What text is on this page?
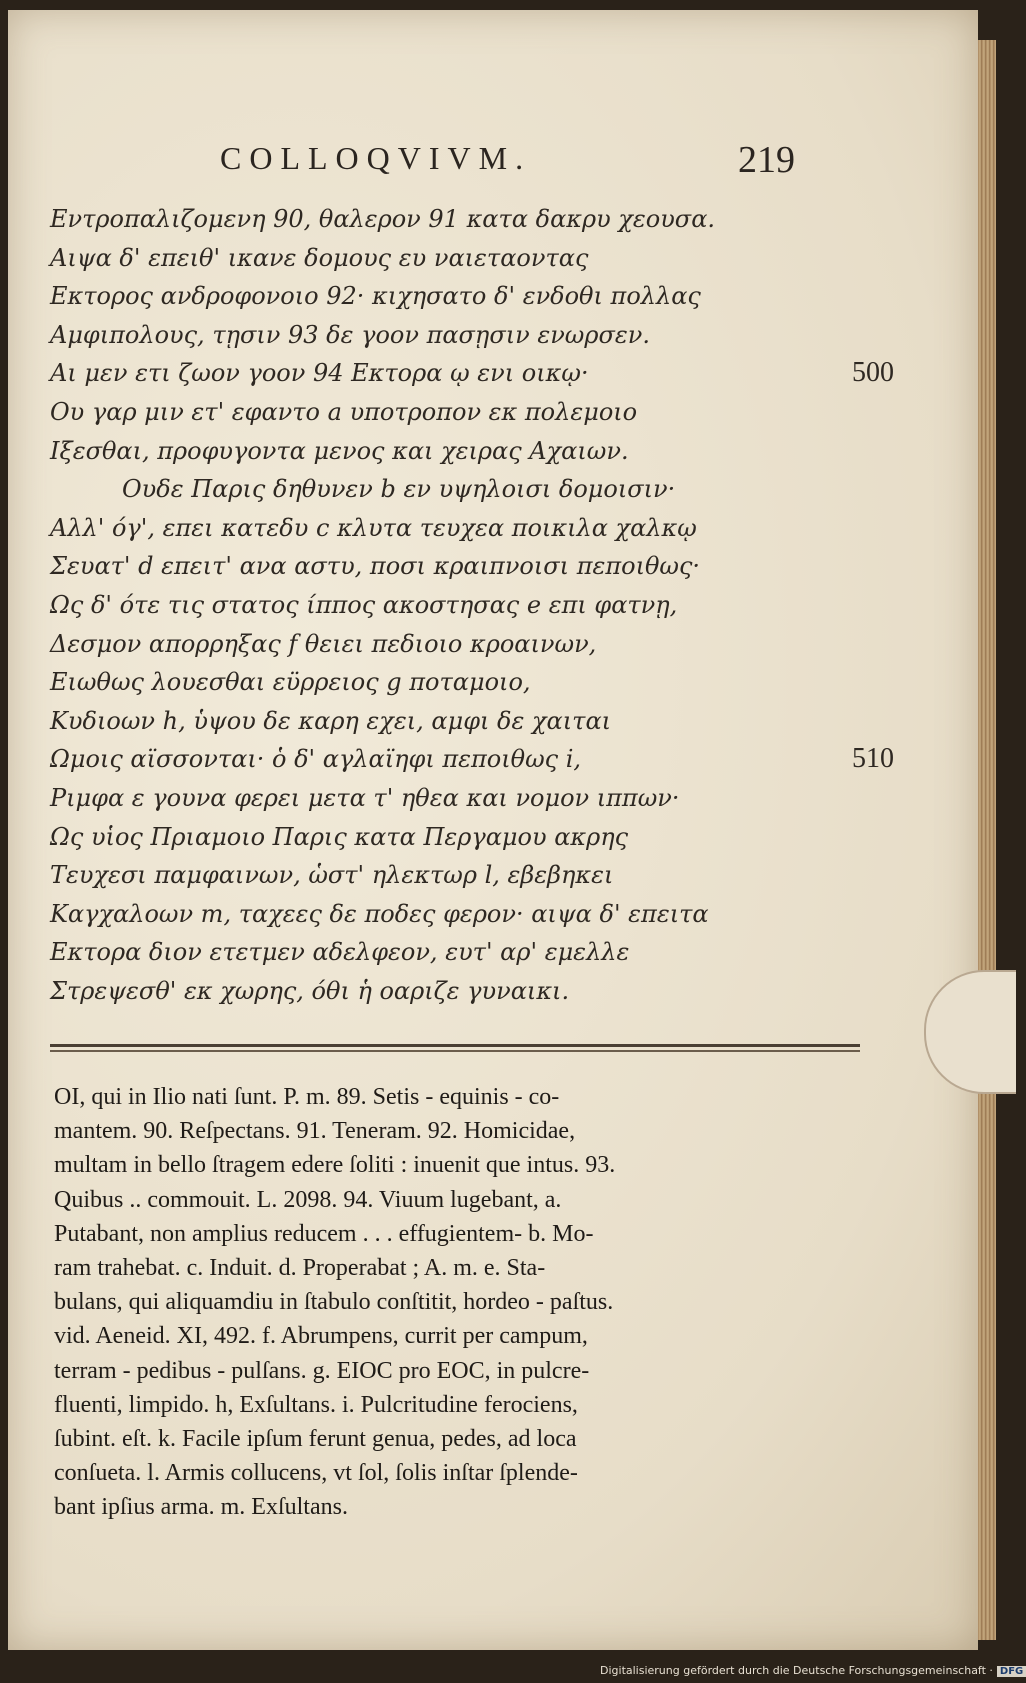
COLLOQVIVM.	219
Εντροπαλιζομενη 90, θαλερον 91 κατα δακρυ χεουσα.
Αιψα δ' επειθ' ικανε δομους ευ ναιεταοντας
Εκτορος ανδροφονοιο 92· κιχησατο δ' ενδοθι πολλας
Αμφιπολους, τῃσιν 93 δε γοον πασῃσιν ενωρσεν.
Αι μεν ετι ζωον γοον 94 Εκτορα ῳ ενι οικῳ·	500
Ου γαρ μιν ετ' εφαντο a υποτροπον εκ πολεμοιο
Ιξεσθαι, προφυγοντα μενος και χειρας Αχαιων.
Ουδε Παρις δηθυνεν b εν υψηλοισι δομοισιν·
Αλλ' όγ', επει κατεδυ c κλυτα τευχεα ποικιλα χαλκῳ
Σευατ' d επειτ' ανα αστυ, ποσι κραιπνοισι πεποιθως·
Ως δ' ότε τις στατος ίππος ακοστησας e επι φατνῃ,
Δεσμον απορρηξας f θειει πεδιοιο κροαινων,
Ειωθως λουεσθαι εϋρρειος g ποταμοιο,
Κυδιοων h, ὑψου δε καρη εχει, αμφι δε χαιται
Ωμοις αϊσσονται· ὁ δ' αγλαϊηφι πεποιθως i,	510
Ριμφα ε γουνα φερει μετα τ' ηθεα και νομον ιππων·
Ως υἱος Πριαμοιο Παρις κατα Περγαμου ακρης
Τευχεσι παμφαινων, ὡστ' ηλεκτωρ l, εβεβηκει
Καγχαλοων m, ταχεες δε ποδες φερον· αιψα δ' επειτα
Εκτορα διον ετετμεν αδελφεον, ευτ' αρ' εμελλε
Στρεψεσθ' εκ χωρης, όθι ἡ οαριζε γυναικι.
OI, qui in Ilio nati ſunt. P. m. 89. Setis - equinis - co-
mantem. 90. Reſpectans. 91. Teneram. 92. Homicidae,
multam in bello ſtragem edere ſoliti : inuenit que intus. 93.
Quibus .. commouit. L. 2098. 94. Viuum lugebant, a.
Putabant, non amplius reducem . . . effugientem- b. Mo-
ram trahebat. c. Induit. d. Properabat ; A. m. e. Sta-
bulans, qui aliquamdiu in ſtabulo conſtitit, hordeo - paſtus.
vid. Aeneid. XI, 492. f. Abrumpens, currit per campum,
terram - pedibus - pulſans. g. ΕΙΟC pro ΕΟC, in pulcre-
fluenti, limpido. h, Exſultans. i. Pulcritudine ferociens,
ſubint. eſt. k. Facile ipſum ferunt genua, pedes, ad loca
conſueta. l. Armis collucens, vt ſol, ſolis inſtar ſplende-
bant ipſius arma. m. Exſultans.
Digitalisierung gefördert durch die Deutsche Forschungsgemeinschaft · DFG
